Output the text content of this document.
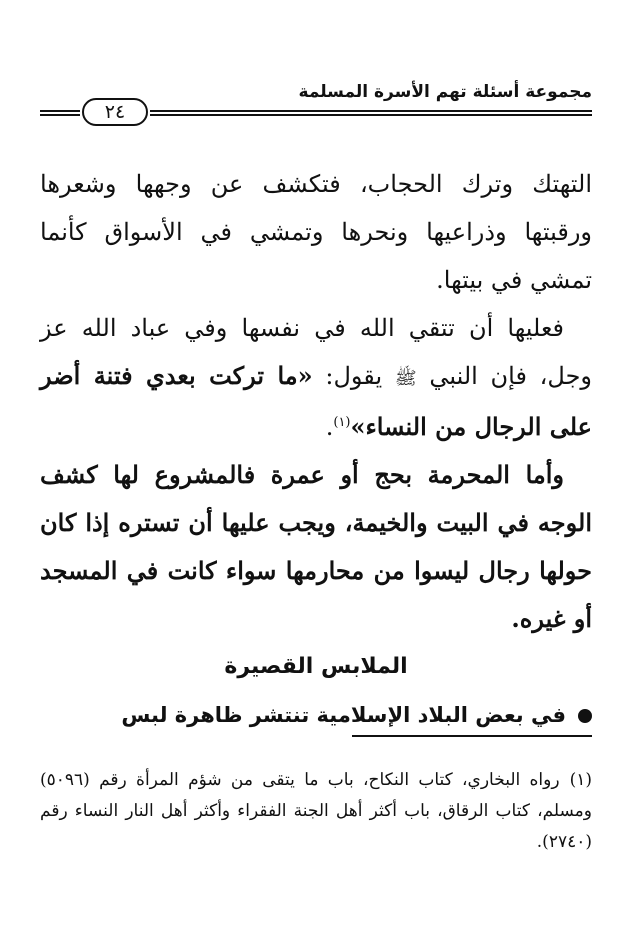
مجموعة أسئلة تهم الأسرة المسلمة
٢٤

التهتك وترك الحجاب، فتكشف عن وجهها وشعرها ورقبتها وذراعيها ونحرها وتمشي في الأسواق كأنما تمشي في بيتها.

فعليها أن تتقي الله في نفسها وفي عباد الله عز وجل، فإن النبي ﷺ يقول: «ما تركت بعدي فتنة أضر على الرجال من النساء»$^{(١)}$.

وأما المحرمة بحج أو عمرة فالمشروع لها كشف الوجه في البيت والخيمة، ويجب عليها أن تستره إذا كان حولها رجال ليسوا من محارمها سواء كانت في المسجد أو غيره.

الملابس القصيرة

في بعض البلاد الإسلامية تنتشر ظاهرة لبس

(١)رواه البخاري، كتاب النكاح، باب ما يتقى من شؤم المرأة رقم (٥٠٩٦) ومسلم، كتاب الرقاق، باب أكثر أهل الجنة الفقراء وأكثر أهل النار النساء رقم (٢٧٤٠).
